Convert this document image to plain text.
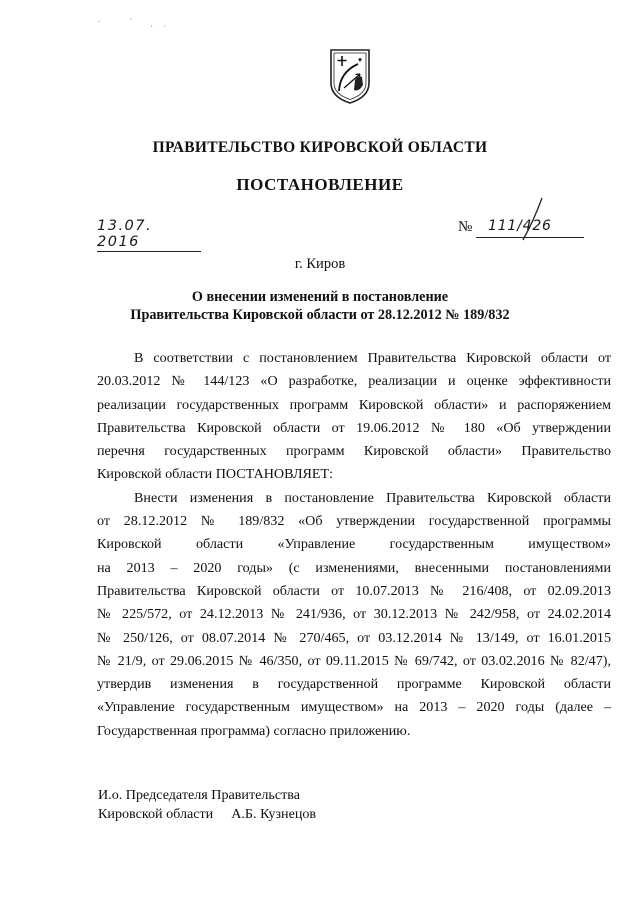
.    ·
· ·
ПРАВИТЕЛЬСТВО КИРОВСКОЙ ОБЛАСТИ
ПОСТАНОВЛЕНИЕ
13.07. 2016
№ 111/426
г. Киров
О внесении изменений в постановление
Правительства Кировской области от 28.12.2012 № 189/832
В соответствии с постановлением Правительства Кировской области от
20.03.2012 № 144/123 «О разработке, реализации и оценке эффективности
реализации государственных программ Кировской области» и распоряжением
Правительства Кировской области от 19.06.2012 № 180 «Об утверждении
перечня государственных программ Кировской области» Правительство
Кировской области ПОСТАНОВЛЯЕТ:
Внести изменения в постановление Правительства Кировской области
от 28.12.2012 № 189/832 «Об утверждении государственной программы
Кировской области «Управление государственным имуществом»
на 2013 – 2020 годы» (с изменениями, внесенными постановлениями
Правительства Кировской области от 10.07.2013 № 216/408, от 02.09.2013
№ 225/572, от 24.12.2013 № 241/936, от 30.12.2013 № 242/958, от 24.02.2014
№ 250/126, от 08.07.2014 № 270/465, от 03.12.2014 № 13/149, от 16.01.2015
№ 21/9, от 29.06.2015 № 46/350, от 09.11.2015 № 69/742, от 03.02.2016 № 82/47),
утвердив изменения в государственной программе Кировской области
«Управление государственным имуществом» на 2013 – 2020 годы (далее –
Государственная программа) согласно приложению.
И.о. Председателя Правительства
Кировской области А.Б. Кузнецов
